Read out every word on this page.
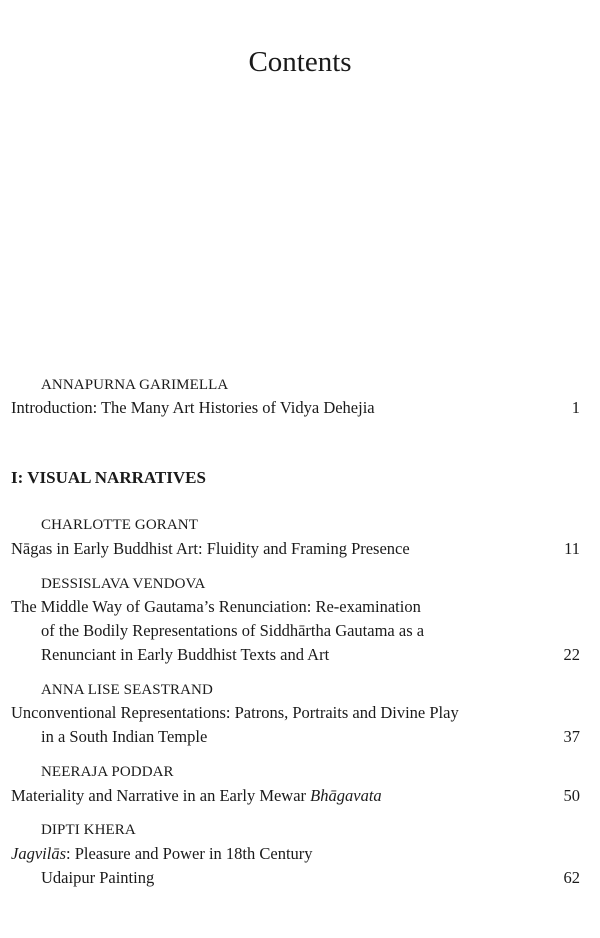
Contents
ANNAPURNA GARIMELLA
Introduction: The Many Art Histories of Vidya Dehejia	1
I: VISUAL NARRATIVES
CHARLOTTE GORANT
Nāgas in Early Buddhist Art: Fluidity and Framing Presence	11
DESSISLAVA VENDOVA
The Middle Way of Gautama’s Renunciation: Re-examination
of the Bodily Representations of Siddhārtha Gautama as a
Renunciant in Early Buddhist Texts and Art	22
ANNA LISE SEASTRAND
Unconventional Representations: Patrons, Portraits and Divine Play
in a South Indian Temple	37
NEERAJA PODDAR
Materiality and Narrative in an Early Mewar Bhāgavata	50
DIPTI KHERA
Jagvilās: Pleasure and Power in 18th Century
Udaipur Painting	62
